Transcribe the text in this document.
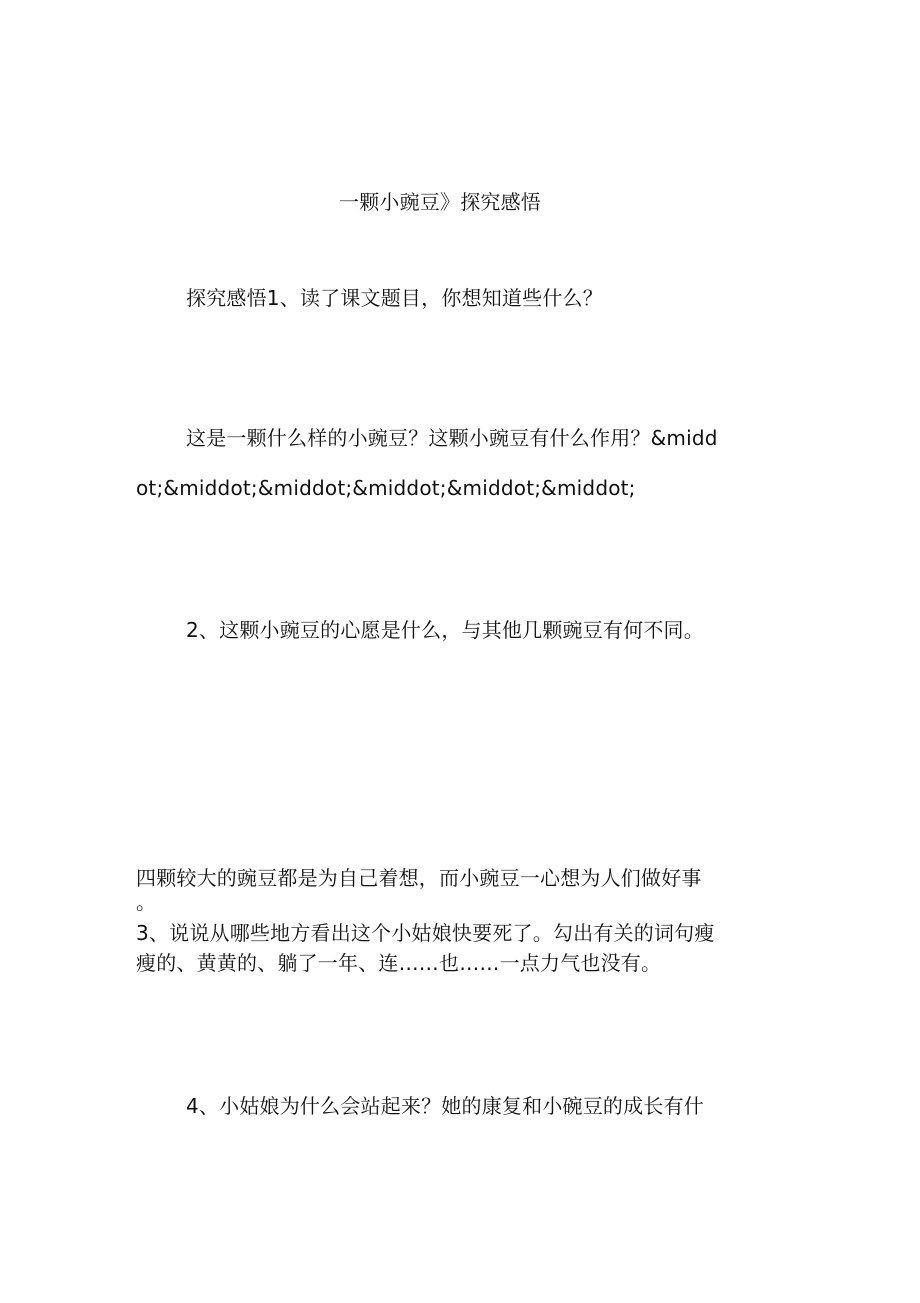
一颗小豌豆》探究感悟
探究感悟1、读了课文题目，你想知道些什么？
这是一颗什么样的小豌豆？这颗小豌豆有什么作用？&midd
ot;&middot;&middot;&middot;&middot;&middot;
2、这颗小豌豆的心愿是什么，与其他几颗豌豆有何不同。
四颗较大的豌豆都是为自己着想，而小豌豆一心想为人们做好事
。
3、说说从哪些地方看出这个小姑娘快要死了。勾出有关的词句瘦
瘦的、黄黄的、躺了一年、连……也……一点力气也没有。
4、小姑娘为什么会站起来？她的康复和小碗豆的成长有什
